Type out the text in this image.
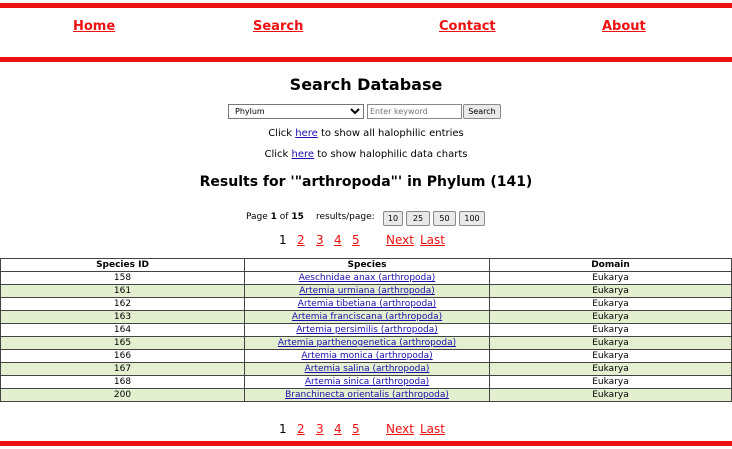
Home	Search	Contact	About
Search Database
Phylum
Enter keyword
Search
Click here to show all halophilic entries
Click here to show halophilic data charts
Results for '"arthropoda"' in Phylum (141)
Page 1 of 15 results/page:	10	25	50	100
1 2 3 4 5 Next Last
Species ID	Species	Domain
158	Aeschnidae anax (arthropoda)	Eukarya
161	Artemia urmiana (arthropoda)	Eukarya
162	Artemia tibetiana (arthropoda)	Eukarya
163	Artemia franciscana (arthropoda)	Eukarya
164	Artemia persimilis (arthropoda)	Eukarya
165	Artemia parthenogenetica (arthropoda)	Eukarya
166	Artemia monica (arthropoda)	Eukarya
167	Artemia salina (arthropoda)	Eukarya
168	Artemia sinica (arthropoda)	Eukarya
200	Branchinecta orientalis (arthropoda)	Eukarya
1 2 3 4 5 Next Last
